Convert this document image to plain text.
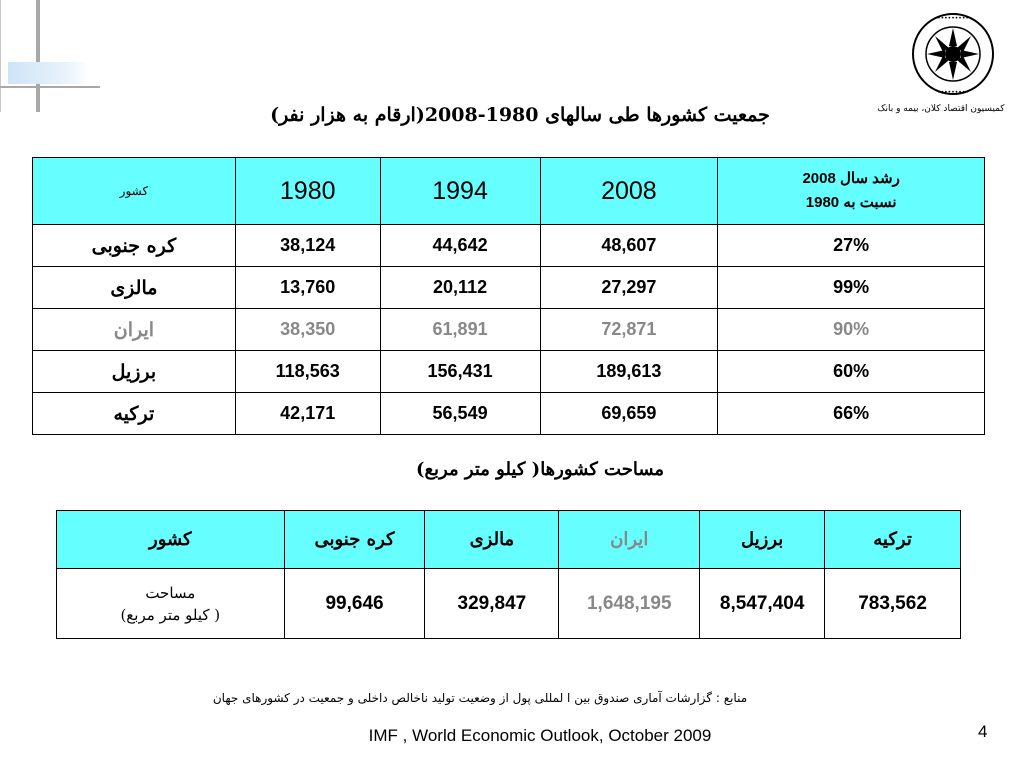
•••••••••
•••••••••
کمیسیون اقتصاد کلان، بیمه و بانک
جمعیت کشورها طی سالهای 1980-2008(ارقام به هزار نفر)
کشور	1980	1994	2008	رشد سال 2008
نسبت به 1980

کره جنوبی	38,124	44,642	48,607	27%
مالزی	13,760	20,112	27,297	99%
ایران	38,350	61,891	72,871	90%
برزیل	118,563	156,431	189,613	60%
ترکیه	42,171	56,549	69,659	66%
مساحت کشورها( کیلو متر مربع)
کشور	کره جنوبی	مالزی	ایران	برزیل	ترکیه

مساحت
( کیلو متر مربع)	99,646	329,847	1,648,195	8,547,404	783,562
منابع : گزارشات آماری صندوق بین ا لمللی پول از وضعیت تولید ناخالص داخلی و جمعیت در کشورهای جهان
IMF , World Economic Outlook, October 2009	4
